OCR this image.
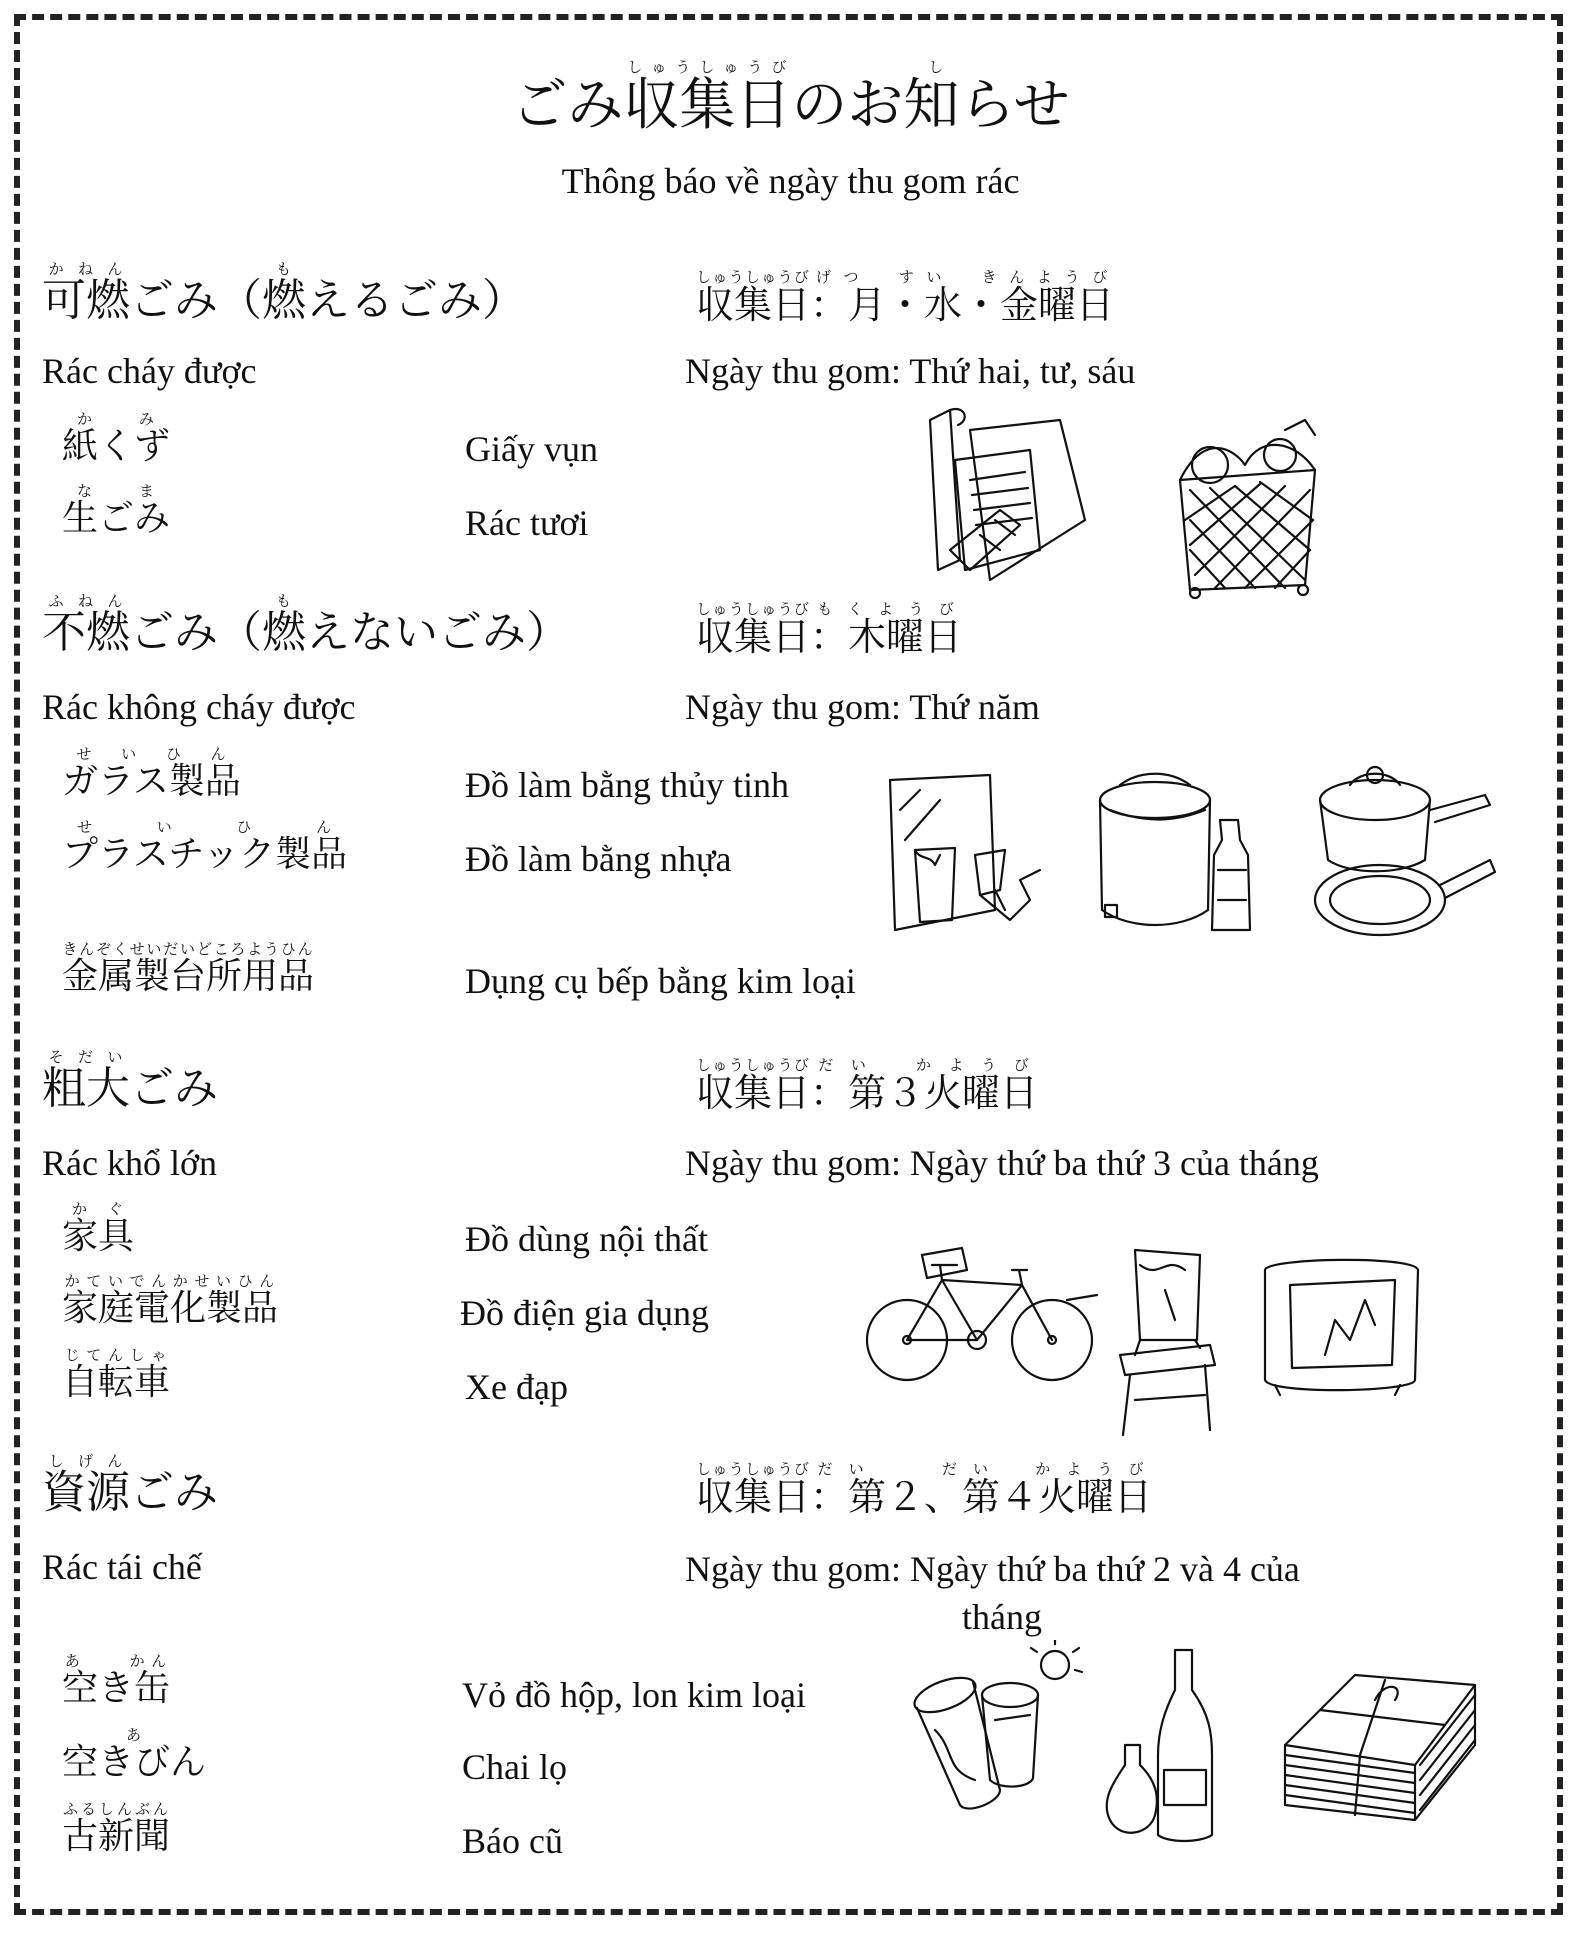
ごみ収集日しゅうしゅうびのお知　しらせ
Thông báo về ngày thu gom rác
可燃かねんごみ（燃もえるごみ）
Rác cháy được
収集日しゅうしゅうび：月・水・金曜日げつ　すい　きんようび
Ngày thu gom: Thứ hai, tư, sáu
紙くずかみ
Giấy vụn
生ごみなま
Rác tươi
不燃ふねんごみ（燃もえないごみ）
Rác không cháy được
収集日しゅうしゅうび：木曜日もくようび
Ngày thu gom: Thứ năm
ガラス製品せいひん
Đồ làm bằng thủy tinh
プラスチック製品せいひん
Đồ làm bằng nhựa
金属製台所用品きんぞくせいだいどころようひん
Dụng cụ bếp bằng kim loại
粗大そだいごみ
Rác khổ lớn
収集日しゅうしゅうび：第３火曜日だい　かようび
Ngày thu gom: Ngày thứ ba thứ 3 của tháng
家具かぐ
Đồ dùng nội thất
家庭電化製品かていでんかせいひん
Đồ điện gia dụng
自転車じてんしゃ
Xe đạp
資源しげんごみ
Rác tái chế
収集日しゅうしゅうび：第２、第４火曜日だい　　だい　かようび
Ngày thu gom: Ngày thứ ba thứ 2 và 4 của
tháng
空き缶あ　　かん
Vỏ đồ hộp, lon kim loại
空きびんあ
Chai lọ
古新聞ふるしんぶん
Báo cũ
